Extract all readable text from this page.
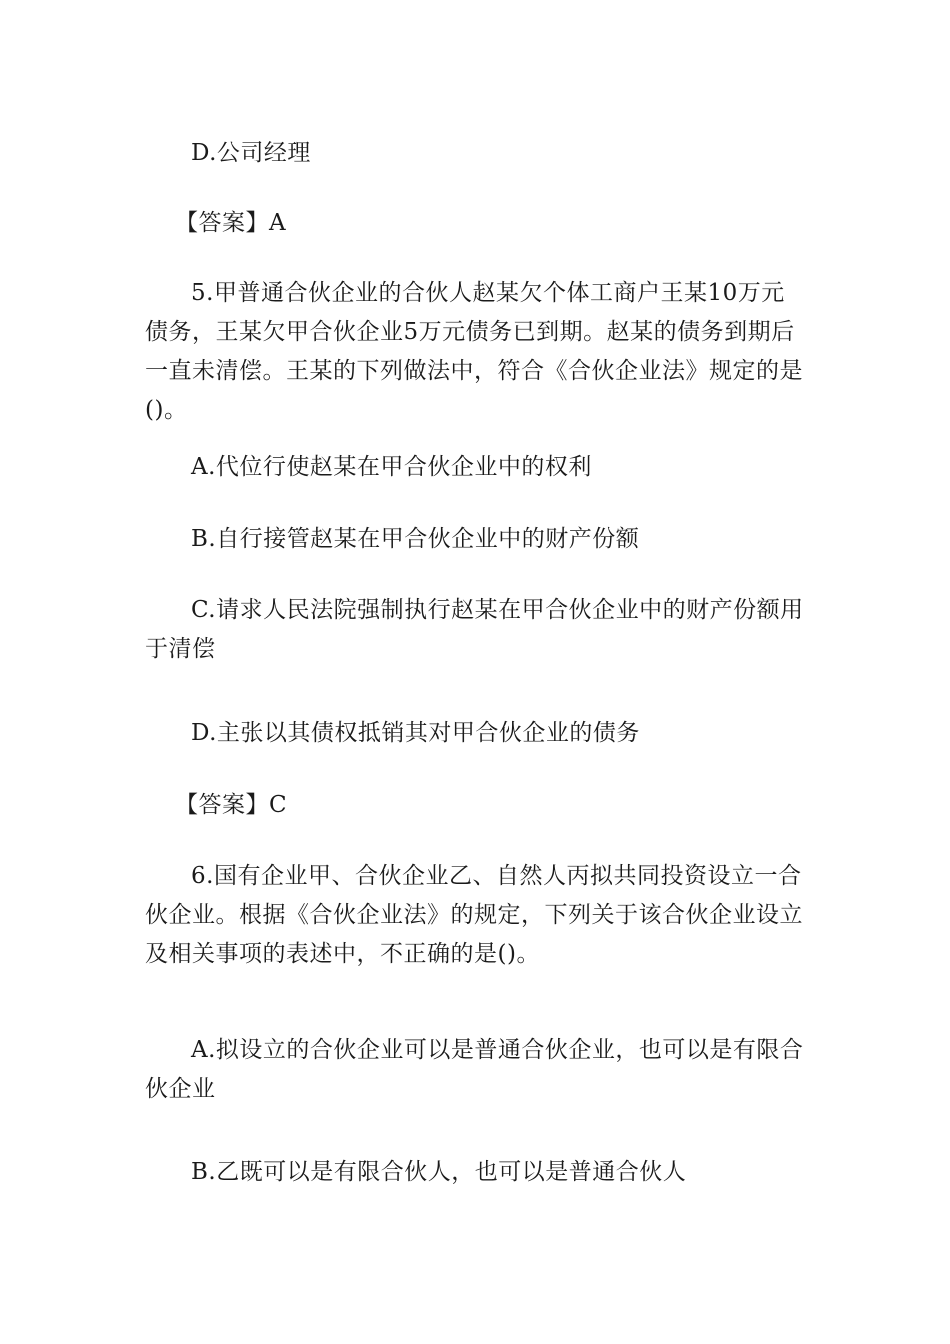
D.公司经理

【答案】A

5.甲普通合伙企业的合伙人赵某欠个体工商户王某10万元债务，王某欠甲合伙企业5万元债务已到期。赵某的债务到期后一直未清偿。王某的下列做法中，符合《合伙企业法》规定的是()。

A.代位行使赵某在甲合伙企业中的权利

B.自行接管赵某在甲合伙企业中的财产份额

C.请求人民法院强制执行赵某在甲合伙企业中的财产份额用于清偿

D.主张以其债权抵销其对甲合伙企业的债务

【答案】C

6.国有企业甲、合伙企业乙、自然人丙拟共同投资设立一合伙企业。根据《合伙企业法》的规定，下列关于该合伙企业设立及相关事项的表述中，不正确的是()。

A.拟设立的合伙企业可以是普通合伙企业，也可以是有限合伙企业

B.乙既可以是有限合伙人，也可以是普通合伙人
